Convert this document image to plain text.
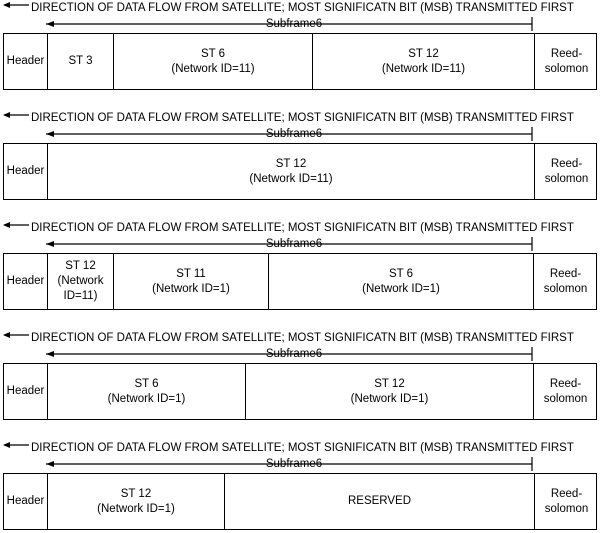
DIRECTION OF DATA FLOW FROM SATELLITE; MOST SIGNIFICATN BIT (MSB) TRANSMITTED FIRST
Subframe6
Header ST 3
ST 6
(Network ID=11)
ST 12
(Network ID=11)
Reed-
solomon
DIRECTION OF DATA FLOW FROM SATELLITE; MOST SIGNIFICATN BIT (MSB) TRANSMITTED FIRST
Subframe6
Header
ST 12
(Network ID=11)
Reed-
solomon
DIRECTION OF DATA FLOW FROM SATELLITE; MOST SIGNIFICATN BIT (MSB) TRANSMITTED FIRST
Subframe6
Header
ST 12
(Network
ID=11)
ST 11
(Network ID=1)
ST 6
(Network ID=1)
Reed-
solomon
DIRECTION OF DATA FLOW FROM SATELLITE; MOST SIGNIFICATN BIT (MSB) TRANSMITTED FIRST
Subframe6
Header
ST 6
(Network ID=1)
ST 12
(Network ID=1)
Reed-
solomon
DIRECTION OF DATA FLOW FROM SATELLITE; MOST SIGNIFICATN BIT (MSB) TRANSMITTED FIRST
Subframe6
Header
ST 12
(Network ID=1)
RESERVED
Reed-
solomon
